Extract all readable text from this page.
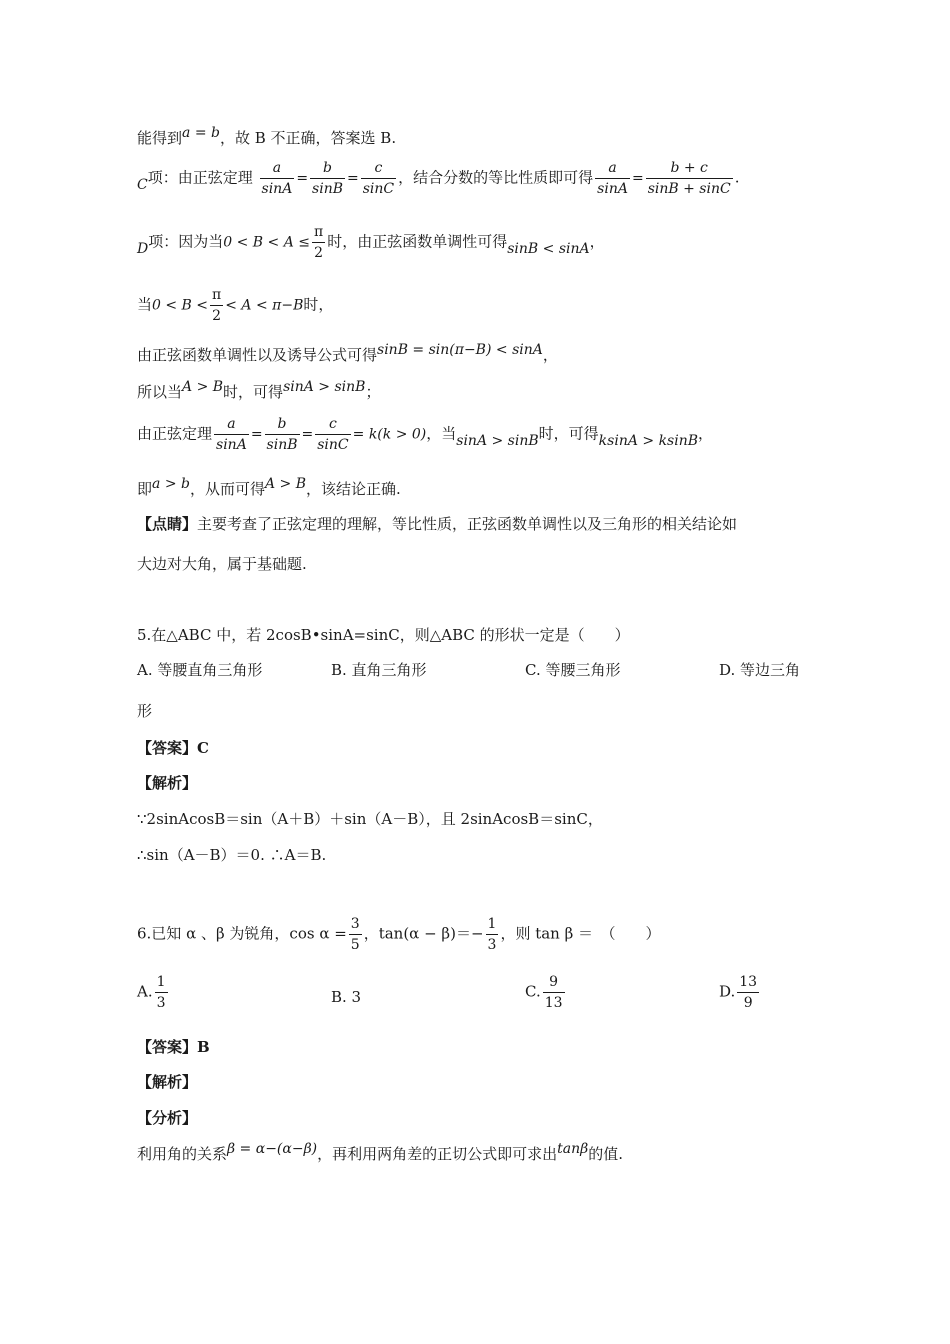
能得到a = b，故 B 不正确，答案选 B.
C项：由正弦定理 $\frac{a}{\sin A} = \frac{b}{\sin B} = \frac{c}{\sin C}$ ，结合分数的等比性质即可得 $\frac{a}{\sin A} = \frac{b + c}{\sin B + \sin C}$ .
D项：因为当$0 < B < A \le \frac{\pi}{2}$ 时，由正弦函数单调性可得sinB < sinA，
当$0 < B < \frac{\pi}{2} < A < \pi-B$时，
由正弦函数单调性以及诱导公式可得sinB = sin(π−B) < sinA，
所以当A > B时，可得sinA > sinB；
由正弦定理 $\frac{a}{\sin A} = \frac{b}{\sin B} = \frac{c}{\sin C} = k(k > 0)$，当sinA > sinB时，可得ksinA > ksinB，
即a > b，从而可得A > B，该结论正确.
【点睛】主要考查了正弦定理的理解，等比性质，正弦函数单调性以及三角形的相关结论如
大边对大角，属于基础题.
5.在△ABC 中，若 2cosB•sinA=sinC，则△ABC 的形状一定是（　　）
A. 等腰直角三角形	B. 直角三角形	C. 等腰三角形	D. 等边三角
形
【答案】C
【解析】
∵2sinAcosB＝sin（A＋B）＋sin（A－B），且 2sinAcosB＝sinC，
∴sin（A－B）＝0. ∴A＝B.
6.已知 α 、β 为锐角，$\cos \alpha = \frac{3}{5}$ ，$\tan(\alpha - \beta)=- \frac{1}{3}$ ，则 tan β ＝　（　　）
A. $\frac{1}{3}$	B. 3	C. $\frac{9}{13}$	D. $\frac{13}{9}$
【答案】B
【解析】
【分析】
利用角的关系β = α−(α−β)，再利用两角差的正切公式即可求出tanβ的值.
